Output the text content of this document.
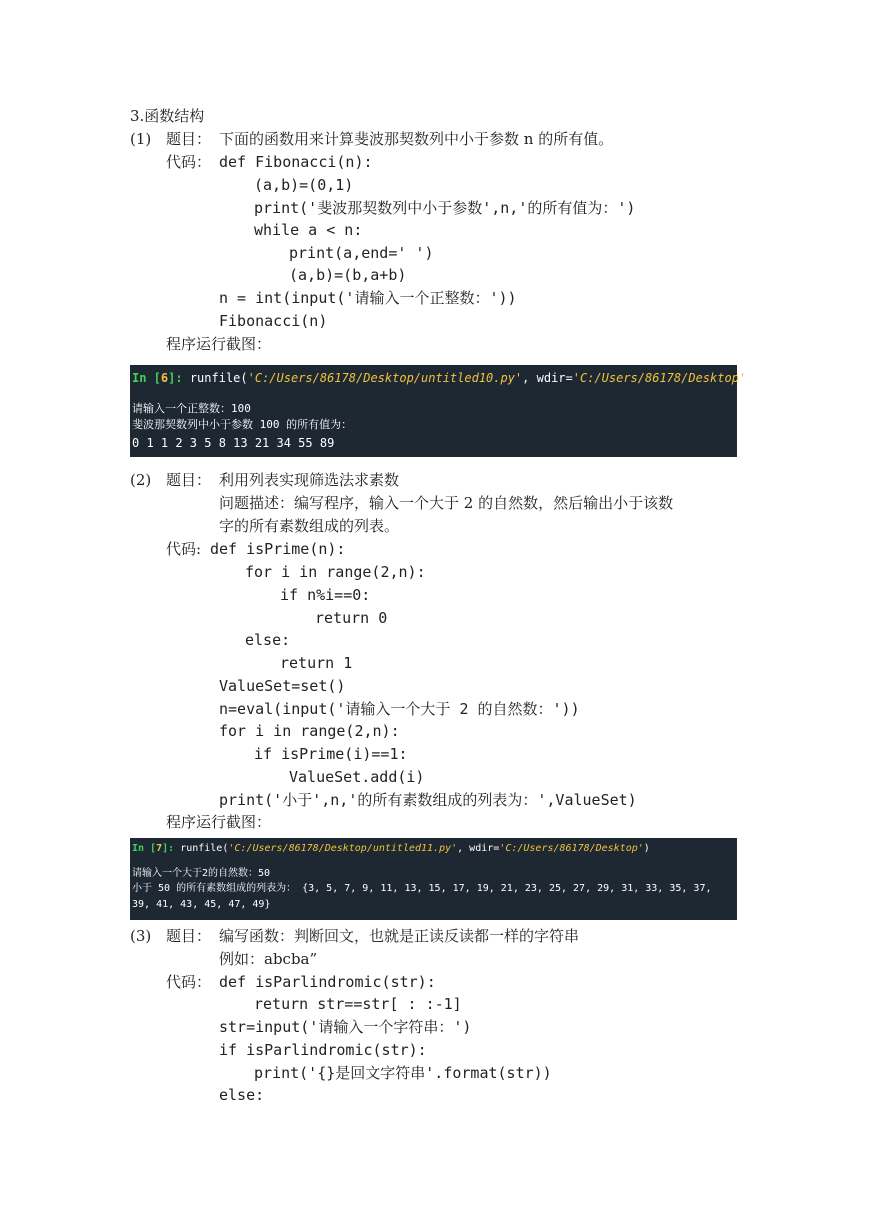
3.函数结构
(1) 题目： 下面的函数用来计算斐波那契数列中小于参数 n 的所有值。
代码： def Fibonacci(n):
(a,b)=(0,1)
print('斐波那契数列中小于参数',n,'的所有值为：')
while a < n:
print(a,end=' ')
(a,b)=(b,a+b)
n = int(input('请输入一个正整数：'))
Fibonacci(n)
程序运行截图：
In [6]: runfile('C:/Users/86178/Desktop/untitled10.py', wdir='C:/Users/86178/Desktop')
请输入一个正整数：100
斐波那契数列中小于参数 100 的所有值为：
0 1 1 2 3 5 8 13 21 34 55 89
(2) 题目： 利用列表实现筛选法求素数
问题描述：编写程序，输入一个大于 2 的自然数，然后输出小于该数
字的所有素数组成的列表。
代码: def isPrime(n):
for i in range(2,n):
if n%i==0:
return 0
else:
return 1
ValueSet=set()
n=eval(input('请输入一个大于 2 的自然数：'))
for i in range(2,n):
if isPrime(i)==1:
ValueSet.add(i)
print('小于',n,'的所有素数组成的列表为：',ValueSet)
程序运行截图：
In [7]: runfile('C:/Users/86178/Desktop/untitled11.py', wdir='C:/Users/86178/Desktop')
请输入一个大于2的自然数：50
小于 50 的所有素数组成的列表为： {3, 5, 7, 9, 11, 13, 15, 17, 19, 21, 23, 25, 27, 29, 31, 33, 35, 37,
39, 41, 43, 45, 47, 49}
(3) 题目： 编写函数：判断回文，也就是正读反读都一样的字符串
例如：abcba”
代码： def isParlindromic(str):
return str==str[ : :-1]
str=input('请输入一个字符串：')
if isParlindromic(str):
print('{}是回文字符串'.format(str))
else:
